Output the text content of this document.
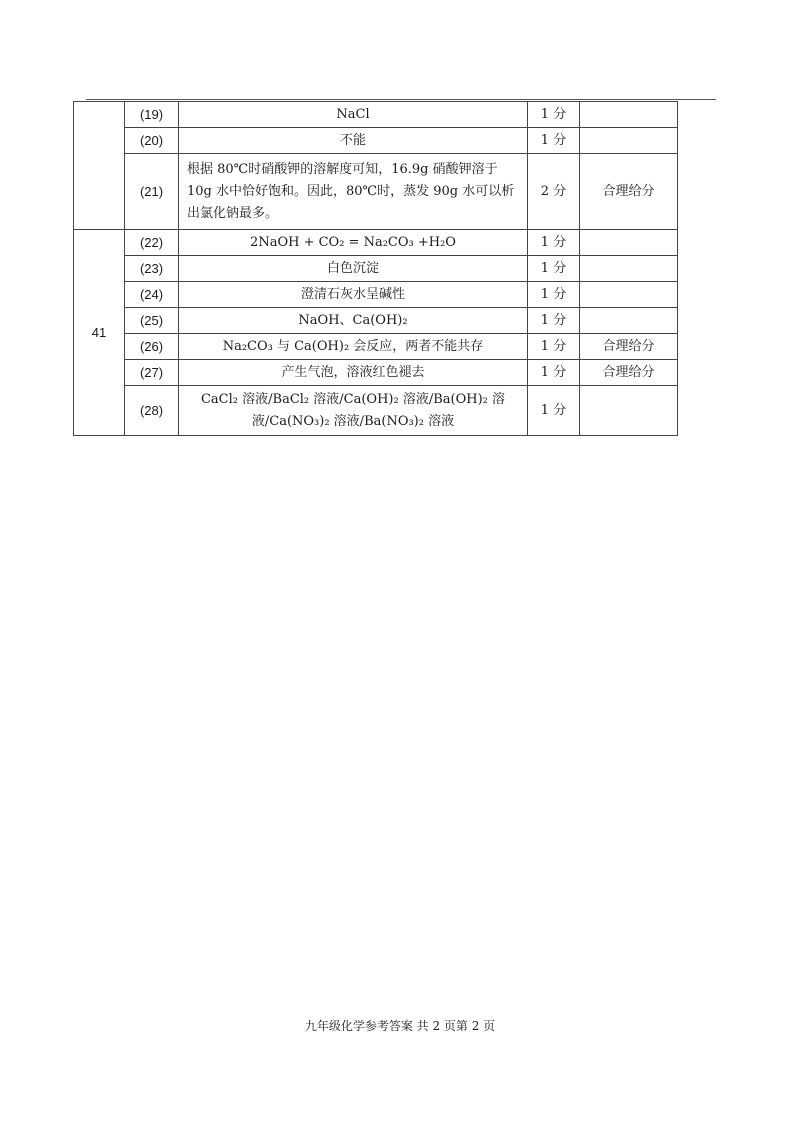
	(19)	NaCl	1 分	
	(20)	不能	1 分	
	(21)	根据 80℃时硝酸钾的溶解度可知，16.9g 硝酸钾溶于10g 水中恰好饱和。因此，80℃时，蒸发 90g 水可以析出氯化钠最多。	2 分	合理给分
41	(22)	2NaOH + CO₂ = Na₂CO₃ +H₂O	1 分	
	(23)	白色沉淀	1 分	
	(24)	澄清石灰水呈碱性	1 分	
	(25)	NaOH、Ca(OH)₂	1 分	
	(26)	Na₂CO₃ 与 Ca(OH)₂ 会反应，两者不能共存	1 分	合理给分
	(27)	产生气泡，溶液红色褪去	1 分	合理给分
	(28)	CaCl₂ 溶液/BaCl₂ 溶液/Ca(OH)₂ 溶液/Ba(OH)₂ 溶液/Ca(NO₃)₂ 溶液/Ba(NO₃)₂ 溶液	1 分	
九年级化学参考答案 共 2 页第 2 页
